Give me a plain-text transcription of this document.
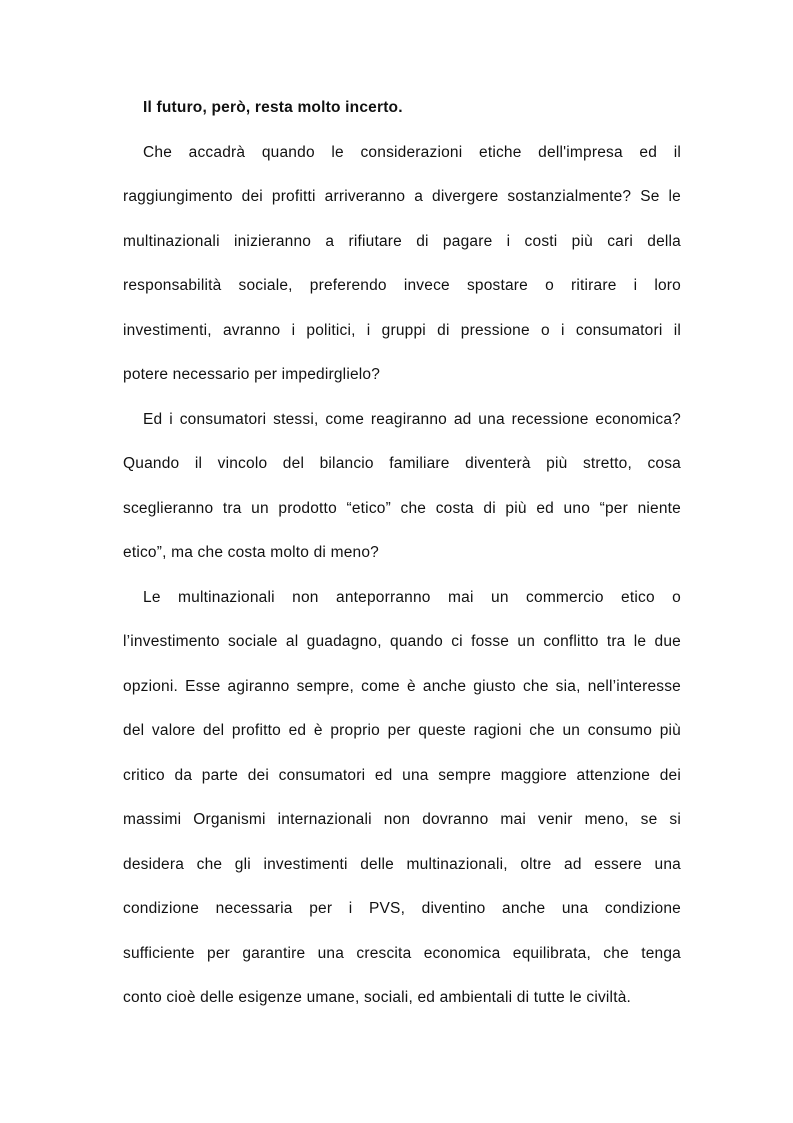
Il futuro, però, resta molto incerto.
Che accadrà quando le considerazioni etiche dell'impresa ed il
raggiungimento dei profitti arriveranno a divergere sostanzialmente? Se le
multinazionali inizieranno a rifiutare di pagare i costi più cari della
responsabilità sociale, preferendo invece spostare o ritirare i loro
investimenti, avranno i politici, i gruppi di pressione o i consumatori il
potere necessario per impedirglielo?
Ed i consumatori stessi, come reagiranno ad una recessione economica?
Quando il vincolo del bilancio familiare diventerà più stretto, cosa
sceglieranno tra un prodotto “etico” che costa di più ed uno “per niente
etico”, ma che costa molto di meno?
Le multinazionali non anteporranno mai un commercio etico o
l’investimento sociale al guadagno, quando ci fosse un conflitto tra le due
opzioni. Esse agiranno sempre, come è anche giusto che sia, nell’interesse
del valore del profitto ed è proprio per queste ragioni che un consumo più
critico da parte dei consumatori ed una sempre maggiore attenzione dei
massimi Organismi internazionali non dovranno mai venir meno, se si
desidera che gli investimenti delle multinazionali, oltre ad essere una
condizione necessaria per i PVS, diventino anche una condizione
sufficiente per garantire una crescita economica equilibrata, che tenga
conto cioè delle esigenze umane, sociali, ed ambientali di tutte le civiltà.
